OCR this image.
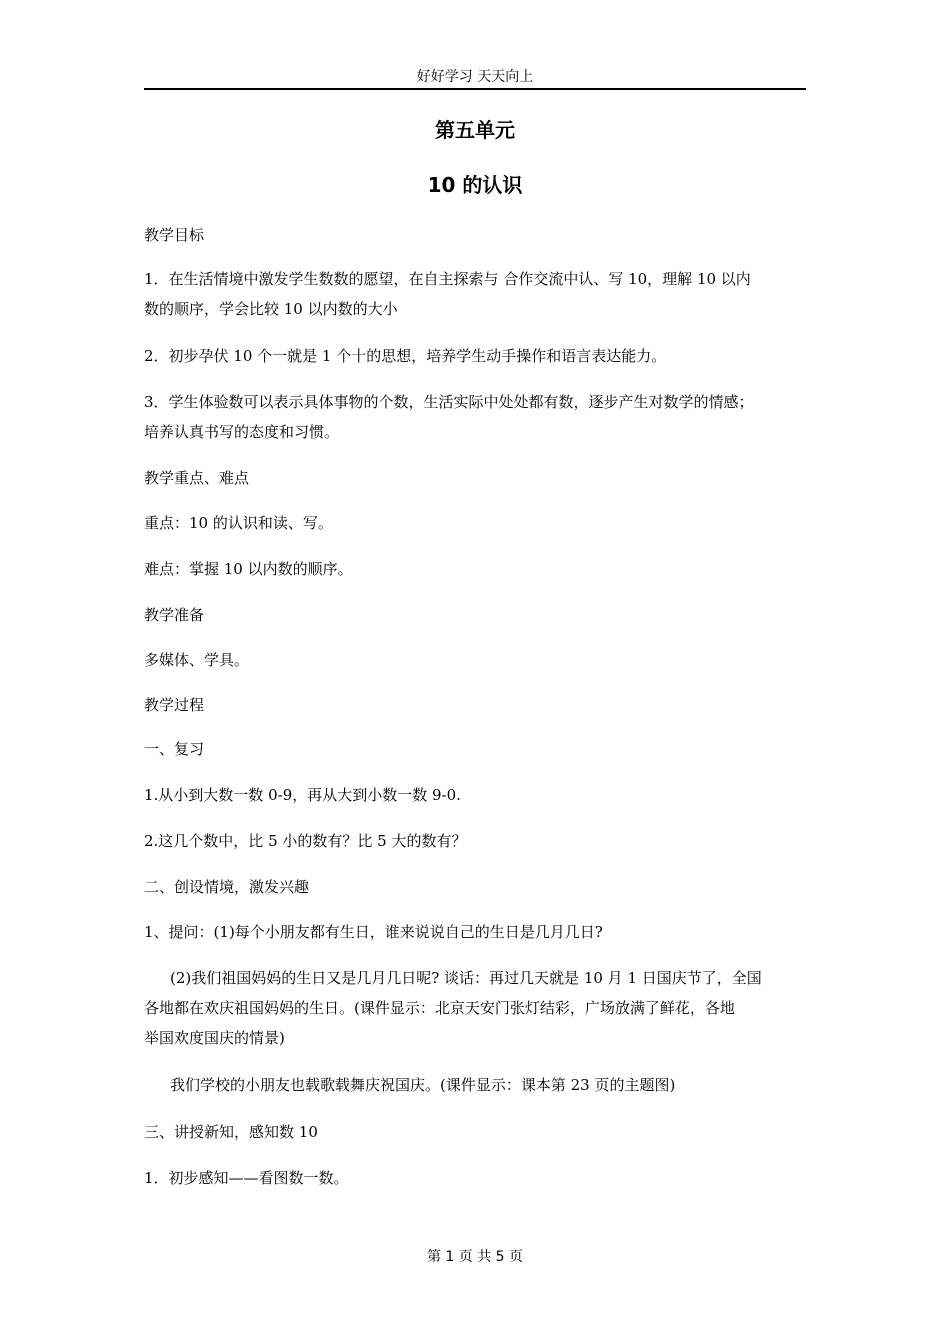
好好学习 天天向上
第五单元
10 的认识
教学目标
1．在生活情境中激发学生数数的愿望，在自主探索与 合作交流中认、写 10，理解 10 以内
数的顺序，学会比较 10 以内数的大小
2．初步孕伏 10 个一就是 1 个十的思想，培养学生动手操作和语言表达能力。
3．学生体验数可以表示具体事物的个数，生活实际中处处都有数，逐步产生对数学的情感；
培养认真书写的态度和习惯。
教学重点、难点
重点：10 的认识和读、写。
难点：掌握 10 以内数的顺序。
教学准备
多媒体、学具。
教学过程
一、复习
1.从小到大数一数 0-9，再从大到小数一数 9-0.
2.这几个数中，比 5 小的数有？比 5 大的数有？
二、创设情境，激发兴趣
1、提问：(1)每个小朋友都有生日，谁来说说自己的生日是几月几日?
(2)我们祖国妈妈的生日又是几月几日呢? 谈话：再过几天就是 10 月 1 日国庆节了，全国
各地都在欢庆祖国妈妈的生日。(课件显示：北京天安门张灯结彩，广场放满了鲜花，各地
举国欢度国庆的情景)
我们学校的小朋友也载歌载舞庆祝国庆。(课件显示：课本第 23 页的主题图)
三、讲授新知，感知数 10
1．初步感知——看图数一数。
第 1 页 共 5 页
